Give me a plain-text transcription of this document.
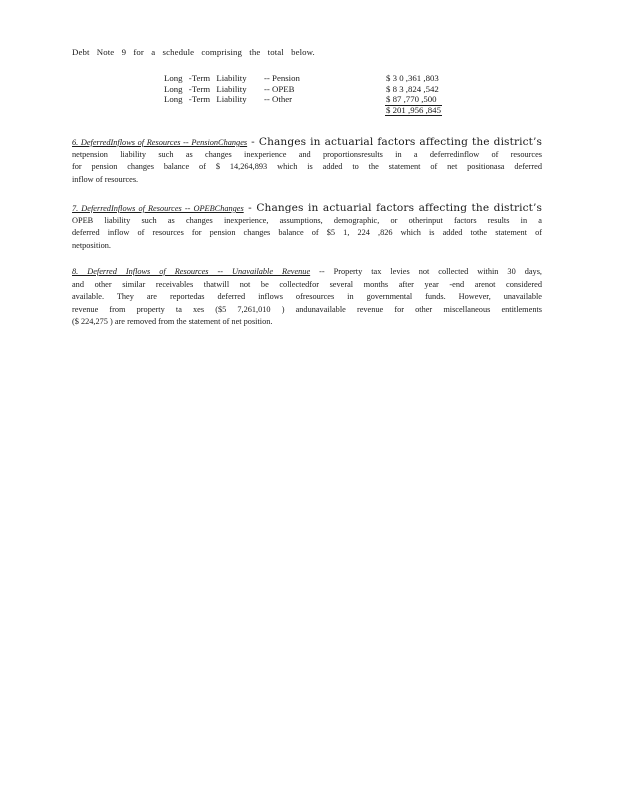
Debt Note 9 for a schedule comprising the total below.
Long -Term Liability -- Pension	$ 3 0 ,361 ,803
Long -Term Liability -- OPEB	$ 8 3 ,824 ,542
Long -Term Liability -- Other	$ 87 ,770 ,500
$ 201 ,956 ,845
6. DeferredInflows of Resources -- PensionChanges - Changes in actuarial factors affecting the district’s
netpension liability such as changes inexperience and proportionsresults in a deferredinflow of resources
for pension changes balance of $ 14,264,893 which is added to the statement of net positionasa deferred
inflow of resources.
7. DeferredInflows of Resources -- OPEBChanges - Changes in actuarial factors affecting the district’s
OPEB liability such as changes inexperience, assumptions, demographic, or otherinput factors results in a
deferred inflow of resources for pension changes balance of $5 1, 224 ,826 which is added tothe statement of
netposition.
8. Deferred Inflows of Resources -- Unavailable Revenue -- Property tax levies not collected within 30 days,
and other similar receivables thatwill not be collectedfor several months after year -end arenot considered
available. They are reportedas deferred inflows ofresources in governmental funds. However, unavailable
revenue from property ta xes ($5 7,261,010 ) andunavailable revenue for other miscellaneous entitlements
($ 224,275 ) are removed from the statement of net position.
